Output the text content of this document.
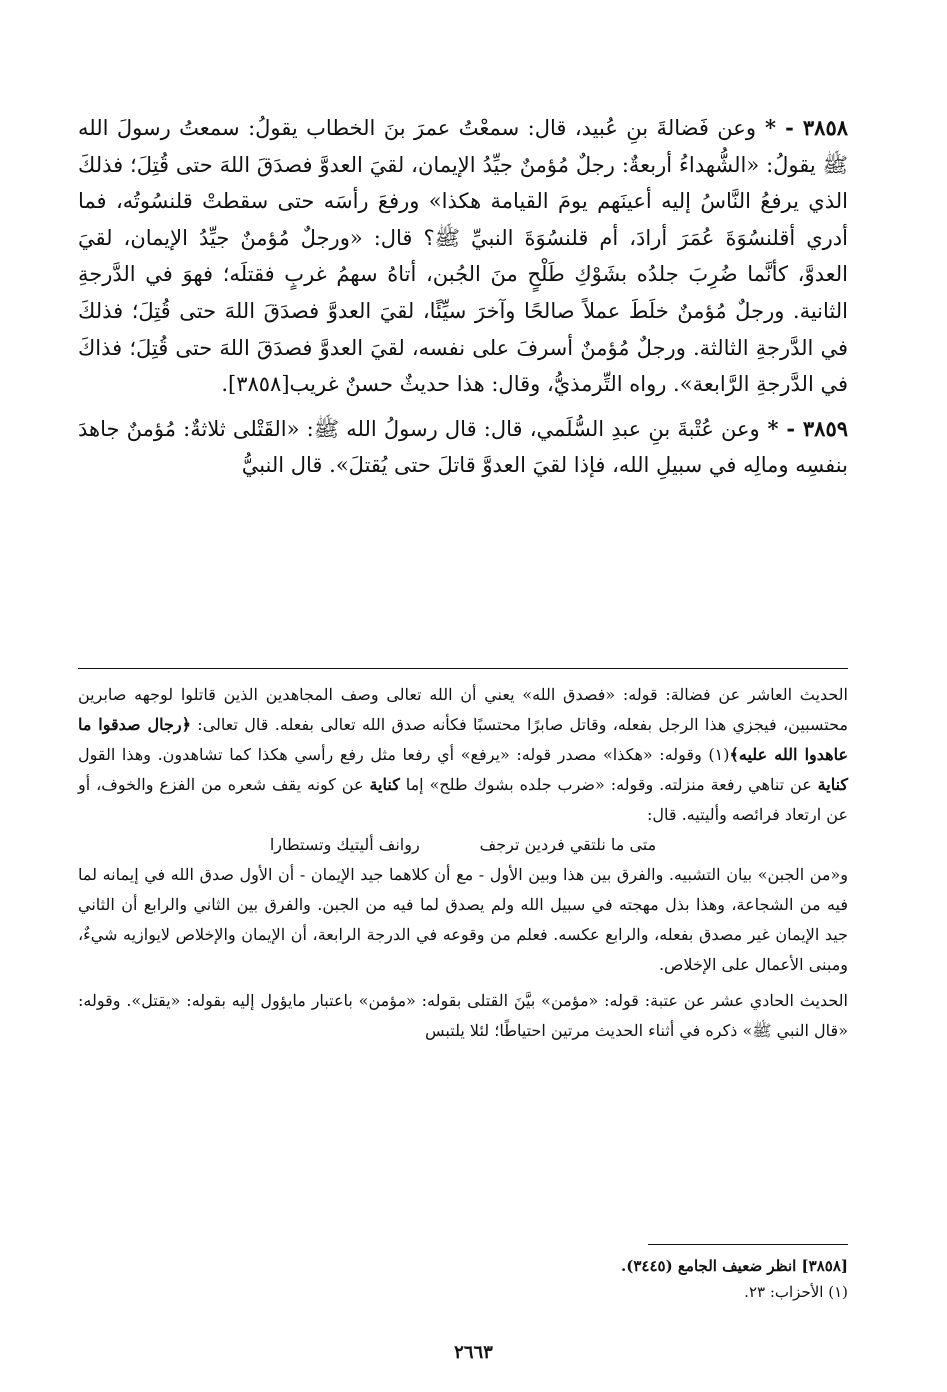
٣٨٥٨ - * وعن فَضالةَ بنِ عُبيد، قال: سمعْتُ عمرَ بنَ الخطاب يقولُ: سمعتُ رسولَ الله ﷺ يقولُ: «الشُّهداءُ أربعةٌ: رجلٌ مُؤمنٌ جيِّدُ الإيمان، لقيَ العدوَّ فصدَقَ اللهَ حتى قُتِلَ؛ فذلكَ الذي يرفعُ النَّاسُ إليه أعينَهم يومَ القيامة هكذا» ورفعَ رأسَه حتى سقطتْ قلنسُوتُه، فما أدري أقلنسُوَةَ عُمَرَ أرادَ، أم قلنسُوَةَ النبيِّ ﷺ؟ قال: «ورجلٌ مُؤمنٌ جيِّدُ الإيمان، لقيَ العدوَّ، كأنَّما ضُرِبَ جلدُه بشَوْكِ طَلْحٍ منَ الجُبن، أتاهُ سهمُ غربٍ فقتلَه؛ فهوَ في الدَّرجةِ الثانية. ورجلٌ مُؤمنٌ خلَطَ عملاً صالحًا وآخرَ سيِّئًا، لقيَ العدوَّ فصدَقَ اللهَ حتى قُتِلَ؛ فذلكَ في الدَّرجةِ الثالثة. ورجلٌ مُؤمنٌ أسرفَ على نفسه، لقيَ العدوَّ فصدَقَ اللهَ حتى قُتِلَ؛ فذاكَ في الدَّرجةِ الرَّابعة». رواه التِّرمذيُّ، وقال: هذا حديثٌ حسنٌ غريب[٣٨٥٨].

٣٨٥٩ - * وعن عُتْبةَ بنِ عبدِ السُّلَمي، قال: قال رسولُ الله ﷺ: «القَتْلى ثلاثةٌ: مُؤمنٌ جاهدَ بنفسِه ومالِه في سبيلِ الله، فإذا لقيَ العدوَّ قاتلَ حتى يُقتلَ». قال النبيُّ

الحديث العاشر عن فضالة: قوله: «فصدق الله» يعني أن الله تعالى وصف المجاهدين الذين قاتلوا لوجهه صابرين محتسبين، فيجزي هذا الرجل بفعله، وقاتل صابرًا محتسبًا فكأنه صدق الله تعالى بفعله. قال تعالى: ﴿رجال صدقوا ما عاهدوا الله عليه﴾(١) وقوله: «هكذا» مصدر قوله: «يرفع» أي رفعا مثل رفع رأسي هكذا كما تشاهدون. وهذا القول كناية عن تناهي رفعة منزلته. وقوله: «ضرب جلده بشوك طلح» إما كناية عن كونه يقف شعره من الفزع والخوف، أو عن ارتعاد فرائصه وأليتيه. قال:

متى ما نلتقي فردين ترجف
روانف أليتيك وتستطارا

و«من الجبن» بيان التشبيه. والفرق بين هذا وبين الأول - مع أن كلاهما جيد الإيمان - أن الأول صدق الله في إيمانه لما فيه من الشجاعة، وهذا بذل مهجته في سبيل الله ولم يصدق لما فيه من الجبن. والفرق بين الثاني والرابع أن الثاني جيد الإيمان غير مصدق بفعله، والرابع عكسه. فعلم من وقوعه في الدرجة الرابعة، أن الإيمان والإخلاص لايوازيه شيءٌ، ومبنى الأعمال على الإخلاص.

الحديث الحادي عشر عن عتبة: قوله: «مؤمن» بيَّنَ القتلى بقوله: «مؤمن» باعتبار مايؤول إليه بقوله: «يقتل». وقوله: «قال النبي ﷺ» ذكره في أثناء الحديث مرتين احتياطًا؛ لئلا يلتبس

[٣٨٥٨] انظر ضعيف الجامع (٣٤٤٥).

(١) الأحزاب: ٢٣.

٢٦٦٣
